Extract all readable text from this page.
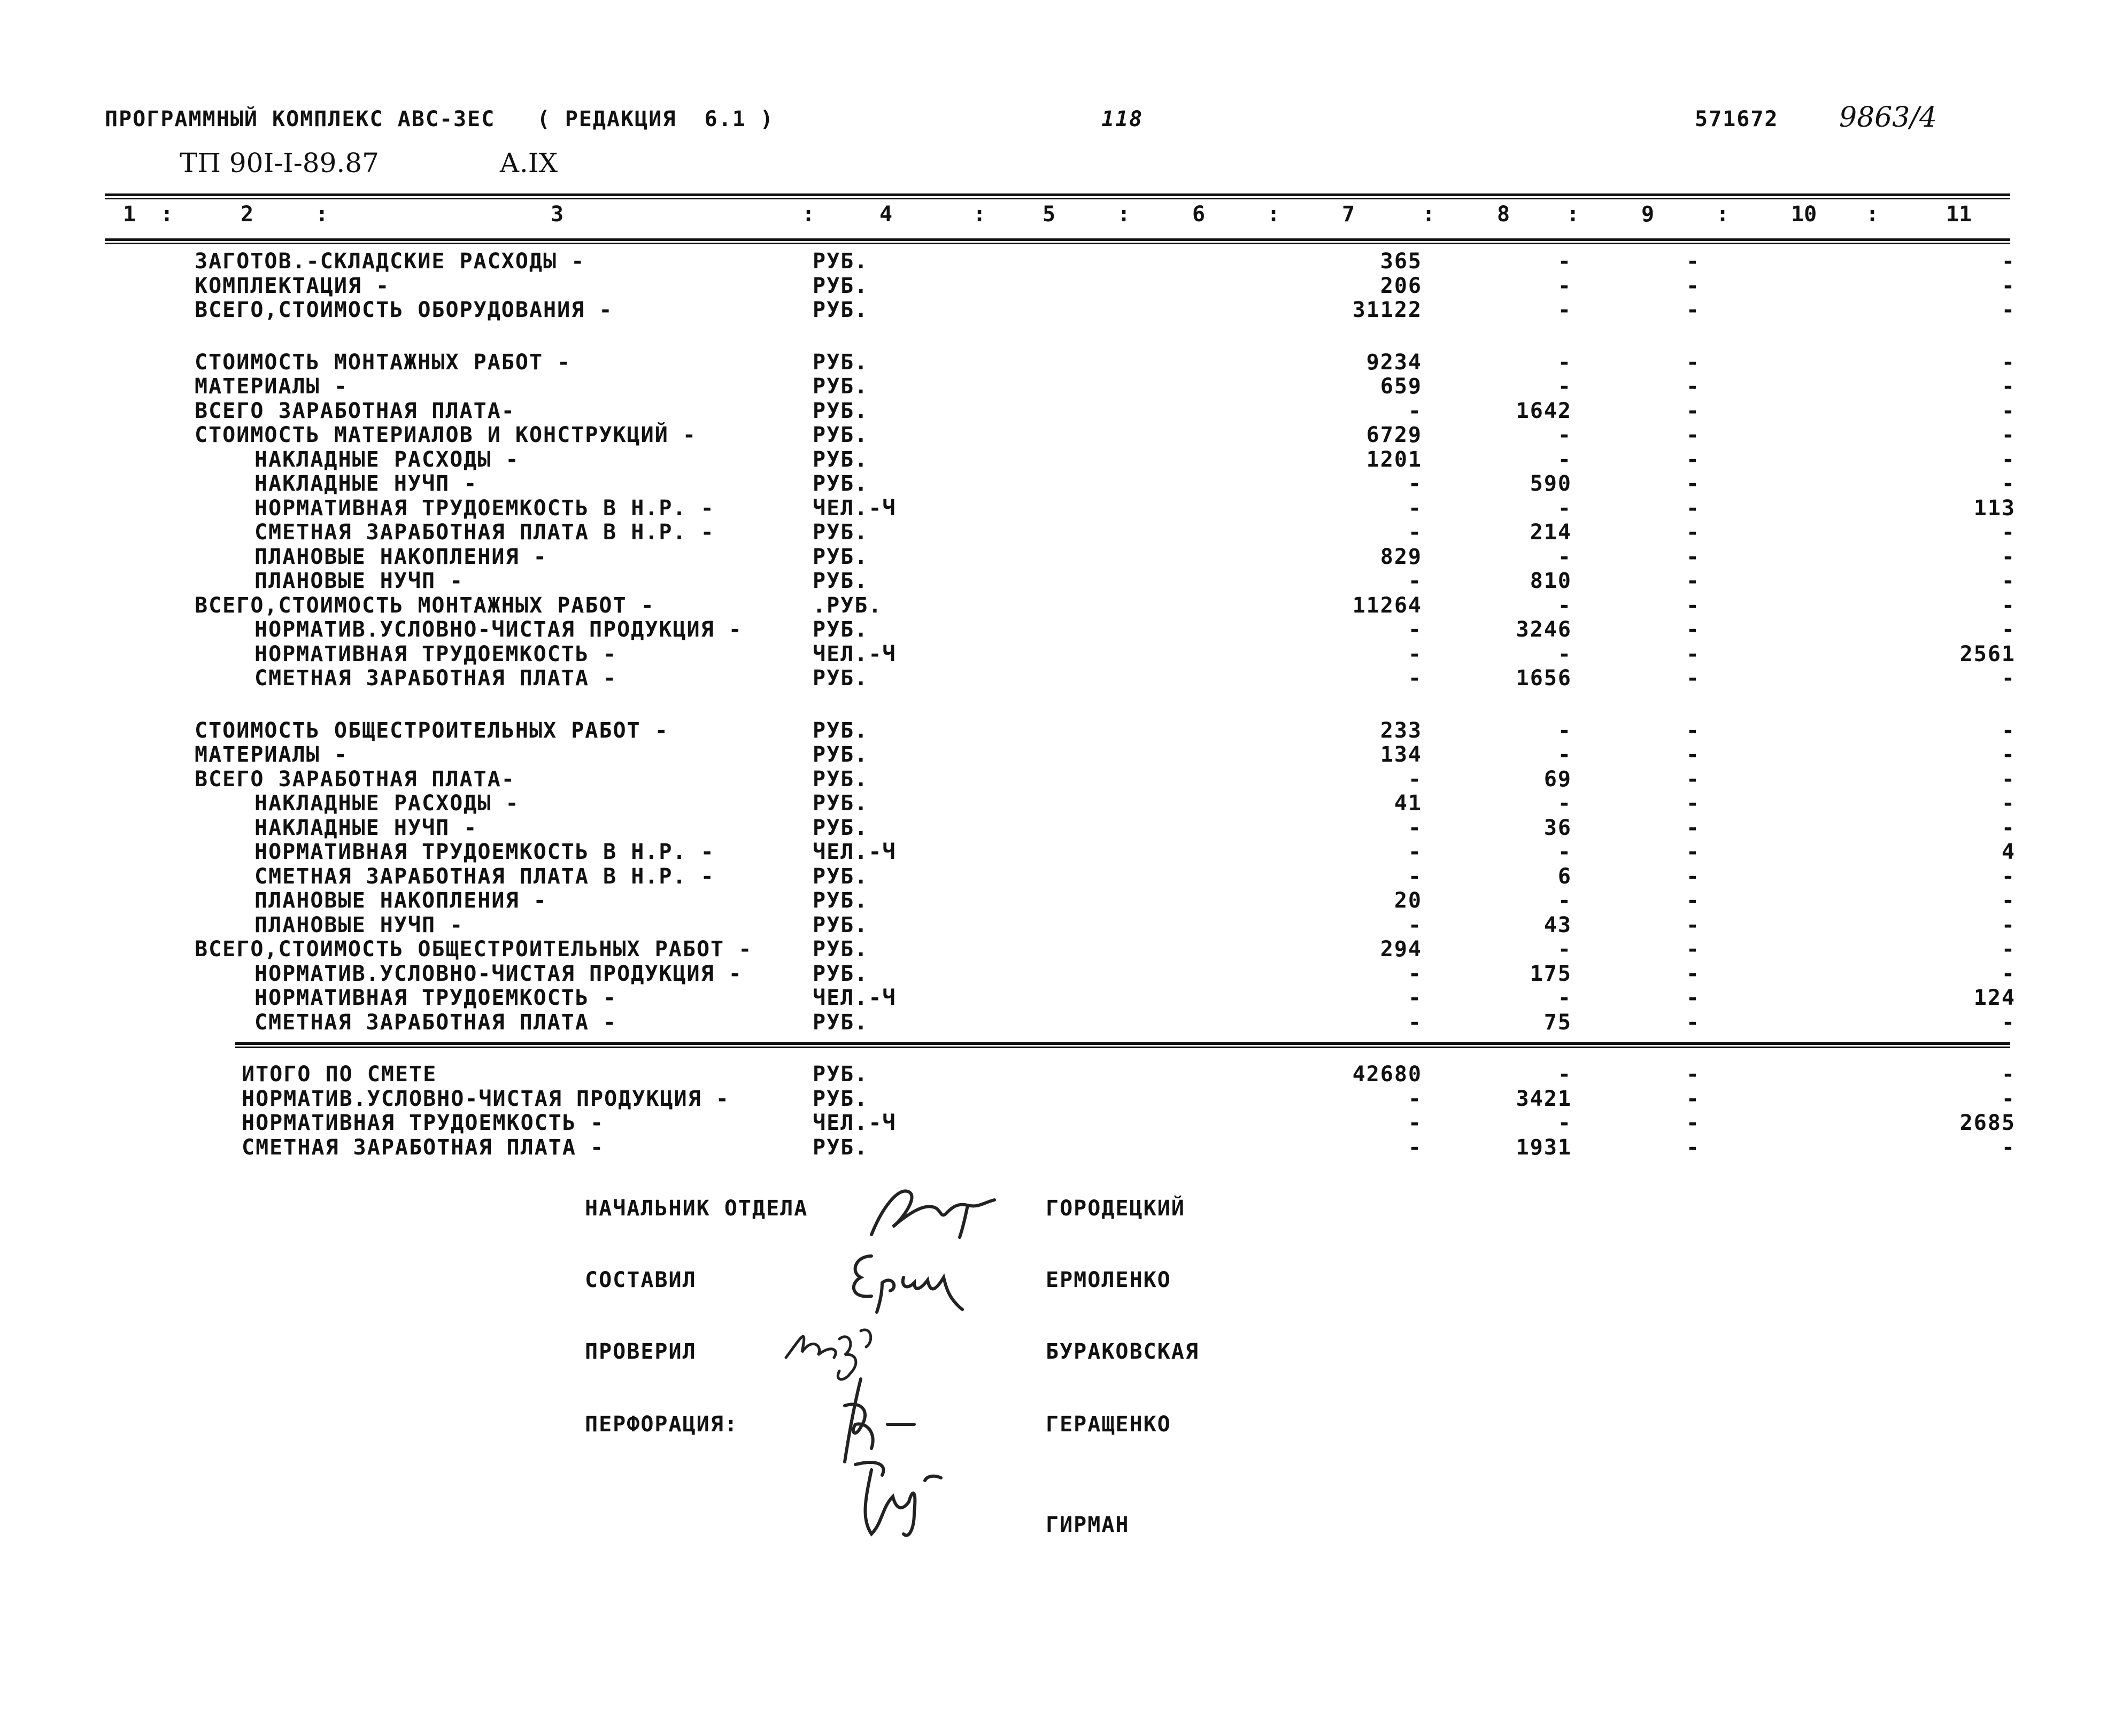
ПРОГРАММНЫЙ КОМПЛЕКС АВС-3ЕС   ( РЕДАКЦИЯ  6.1 )	118	571672 9863/4
ТП 90I-I-89.87	А.IX
1	2	3	4	5	6	7	8	9	10	11
:	:	:	:	:	:	:	:	:	:
ЗАГОТОВ.-СКЛАДСКИЕ РАСХОДЫ -	РУБ.	365	-	-	-
КОМПЛЕКТАЦИЯ -	РУБ.	206	-	-	-
ВСЕГО,СТОИМОСТЬ ОБОРУДОВАНИЯ -	РУБ.	31122	-	-	-
СТОИМОСТЬ МОНТАЖНЫХ РАБОТ -	РУБ.	9234	-	-	-
МАТЕРИАЛЫ -	РУБ.	659	-	-	-
ВСЕГО ЗАРАБОТНАЯ ПЛАТА-	РУБ.	-	1642	-	-
СТОИМОСТЬ МАТЕРИАЛОВ И КОНСТРУКЦИЙ -	РУБ.	6729	-	-	-
НАКЛАДНЫЕ РАСХОДЫ -	РУБ.	1201	-	-	-
НАКЛАДНЫЕ НУЧП -	РУБ.	-	590	-	-
НОРМАТИВНАЯ ТРУДОЕМКОСТЬ В Н.Р. -	ЧЕЛ.-Ч	-	-	-	113
СМЕТНАЯ ЗАРАБОТНАЯ ПЛАТА В Н.Р. -	РУБ.	-	214	-	-
ПЛАНОВЫЕ НАКОПЛЕНИЯ -	РУБ.	829	-	-	-
ПЛАНОВЫЕ НУЧП -	РУБ.	-	810	-	-
ВСЕГО,СТОИМОСТЬ МОНТАЖНЫХ РАБОТ -	.РУБ.	11264	-	-	-
НОРМАТИВ.УСЛОВНО-ЧИСТАЯ ПРОДУКЦИЯ -	РУБ.	-	3246	-	-
НОРМАТИВНАЯ ТРУДОЕМКОСТЬ -	ЧЕЛ.-Ч	-	-	-	2561
СМЕТНАЯ ЗАРАБОТНАЯ ПЛАТА -	РУБ.	-	1656	-	-
СТОИМОСТЬ ОБЩЕСТРОИТЕЛЬНЫХ РАБОТ -	РУБ.	233	-	-	-
МАТЕРИАЛЫ -	РУБ.	134	-	-	-
ВСЕГО ЗАРАБОТНАЯ ПЛАТА-	РУБ.	-	69	-	-
НАКЛАДНЫЕ РАСХОДЫ -	РУБ.	41	-	-	-
НАКЛАДНЫЕ НУЧП -	РУБ.	-	36	-	-
НОРМАТИВНАЯ ТРУДОЕМКОСТЬ В Н.Р. -	ЧЕЛ.-Ч	-	-	-	4
СМЕТНАЯ ЗАРАБОТНАЯ ПЛАТА В Н.Р. -	РУБ.	-	6	-	-
ПЛАНОВЫЕ НАКОПЛЕНИЯ -	РУБ.	20	-	-	-
ПЛАНОВЫЕ НУЧП -	РУБ.	-	43	-	-
ВСЕГО,СТОИМОСТЬ ОБЩЕСТРОИТЕЛЬНЫХ РАБОТ -	РУБ.	294	-	-	-
НОРМАТИВ.УСЛОВНО-ЧИСТАЯ ПРОДУКЦИЯ -	РУБ.	-	175	-	-
НОРМАТИВНАЯ ТРУДОЕМКОСТЬ -	ЧЕЛ.-Ч	-	-	-	124
СМЕТНАЯ ЗАРАБОТНАЯ ПЛАТА -	РУБ.	-	75	-	-
ИТОГО ПО СМЕТЕ	РУБ.	42680	-	-	-
НОРМАТИВ.УСЛОВНО-ЧИСТАЯ ПРОДУКЦИЯ -	РУБ.	-	3421	-	-
НОРМАТИВНАЯ ТРУДОЕМКОСТЬ -	ЧЕЛ.-Ч	-	-	-	2685
СМЕТНАЯ ЗАРАБОТНАЯ ПЛАТА -	РУБ.	-	1931	-	-
НАЧАЛЬНИК ОТДЕЛА	ГОРОДЕЦКИЙ
СОСТАВИЛ	ЕРМОЛЕНКО
ПРОВЕРИЛ	БУРАКОВСКАЯ
ПЕРФОРАЦИЯ:	ГЕРАЩЕНКО
ГИРМАН
